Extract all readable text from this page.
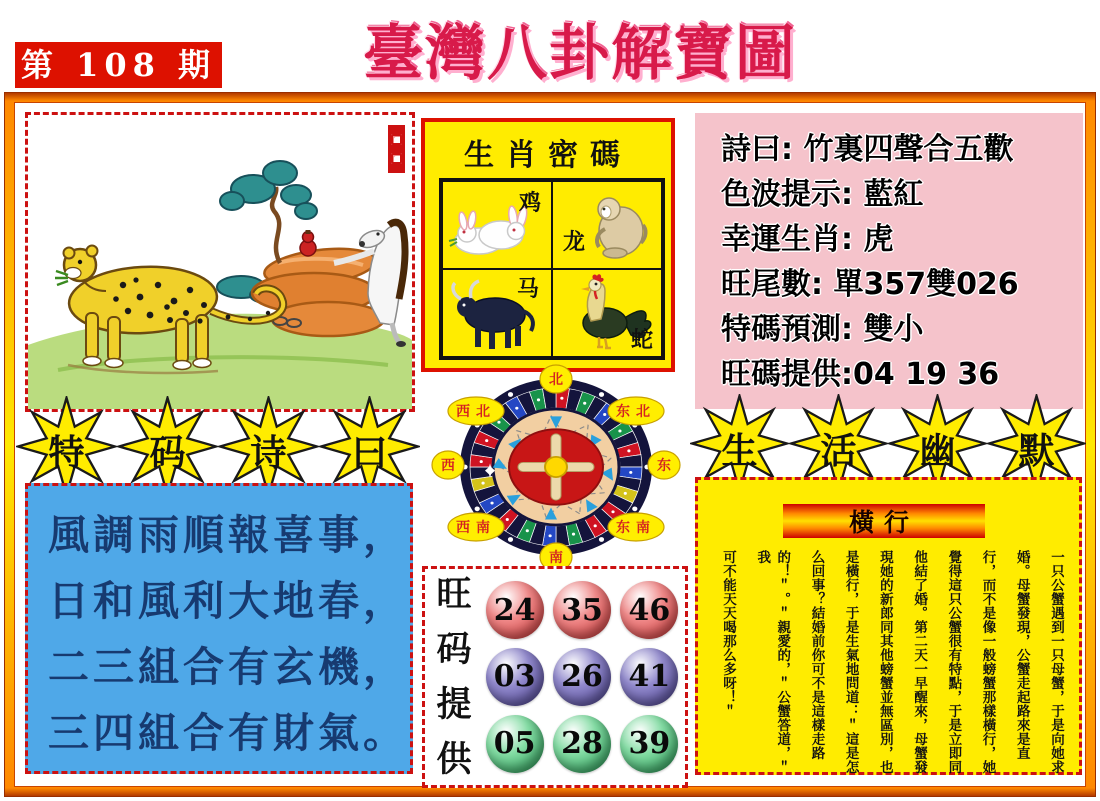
第 108 期	臺灣八卦解寶圖
特	码	诗	曰
風調雨順報喜事，
日和風利大地春，
二三組合有玄機，
三四組合有財氣。
生肖密碼
鸡
龙
马
蛇
北
东北
东
东南
南
西南
西
西北
旺
码
提
供
24 35 46
03 26 41
05 28 39
詩曰: 竹裏四聲合五歡
色波提示: 藍紅
幸運生肖: 虎
旺尾數: 單357雙026
特碼預測: 雙小
旺碼提供:04 19 36
生	活	幽	默
橫行
一只公蟹遇到一只母蟹，于是向她求
婚。母蟹發現，公蟹走起路來是直
行，而不是像一般螃蟹那樣橫行，她
覺得這只公蟹很有特點，于是立即同
他結了婚。第二天一早醒來，母蟹發
現她的新郎同其他螃蟹並無區別，也
是橫行，于是生氣地問道：＂這是怎
么回事？結婚前你可不是這樣走路
的！＂。＂親愛的，＂公蟹答道，＂我
可不能天天喝那么多呀！＂
